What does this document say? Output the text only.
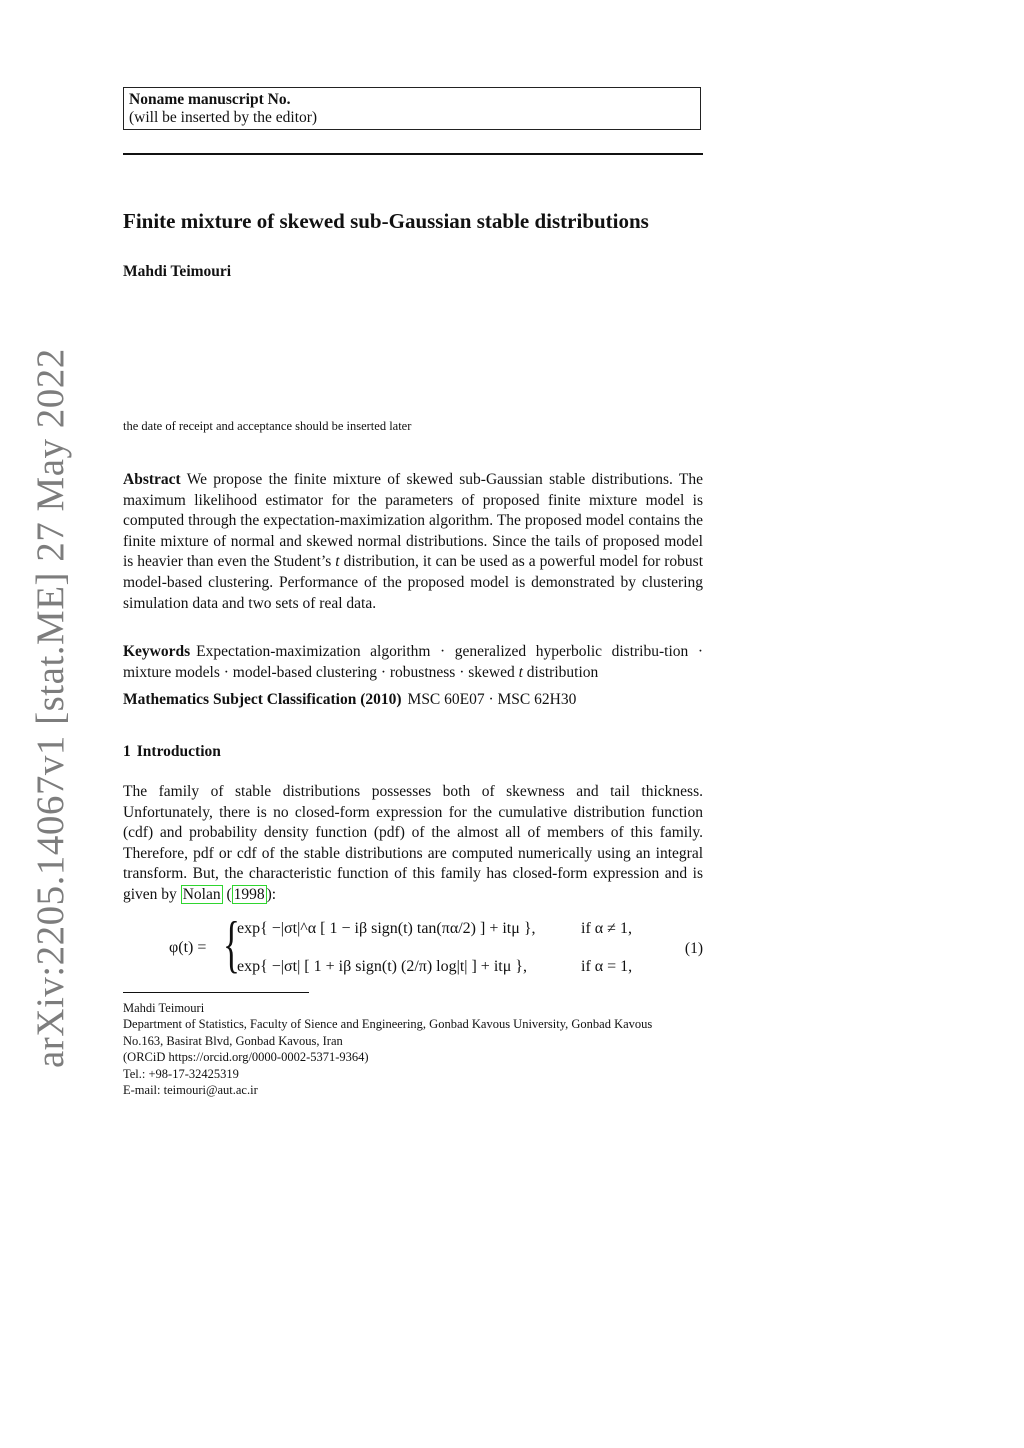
arXiv:2205.14067v1 [stat.ME] 27 May 2022
Noname manuscript No.
(will be inserted by the editor)
Finite mixture of skewed sub-Gaussian stable distributions
Mahdi Teimouri
the date of receipt and acceptance should be inserted later
Abstract We propose the finite mixture of skewed sub-Gaussian stable distributions. The maximum likelihood estimator for the parameters of proposed finite mixture model is computed through the expectation-maximization algorithm. The proposed model contains the finite mixture of normal and skewed normal distributions. Since the tails of proposed model is heavier than even the Student’s t distribution, it can be used as a powerful model for robust model-based clustering. Performance of the proposed model is demonstrated by clustering simulation data and two sets of real data.
Keywords Expectation-maximization algorithm · generalized hyperbolic distribu-tion · mixture models · model-based clustering · robustness · skewed t distribution
Mathematics Subject Classification (2010) MSC 60E07 · MSC 62H30
1 Introduction
The family of stable distributions possesses both of skewness and tail thickness. Unfortunately, there is no closed-form expression for the cumulative distribution function (cdf) and probability density function (pdf) of the almost all of members of this family. Therefore, pdf or cdf of the stable distributions are computed numerically using an integral transform. But, the characteristic function of this family has closed-form expression and is given by Nolan ( 1998 ):
φ(t) = {
exp{ −|σt|^α [ 1 − iβ sign(t) tan(πα/2) ] + itμ },
exp{ −|σt| [ 1 + iβ sign(t) (2/π) log|t| ] + itμ },
if α ≠ 1,
if α = 1,
(1)
Mahdi Teimouri
Department of Statistics, Faculty of Sience and Engineering, Gonbad Kavous University, Gonbad Kavous
No.163, Basirat Blvd, Gonbad Kavous, Iran
(ORCiD https://orcid.org/0000-0002-5371-9364)
Tel.: +98-17-32425319
E-mail: teimouri@aut.ac.ir
